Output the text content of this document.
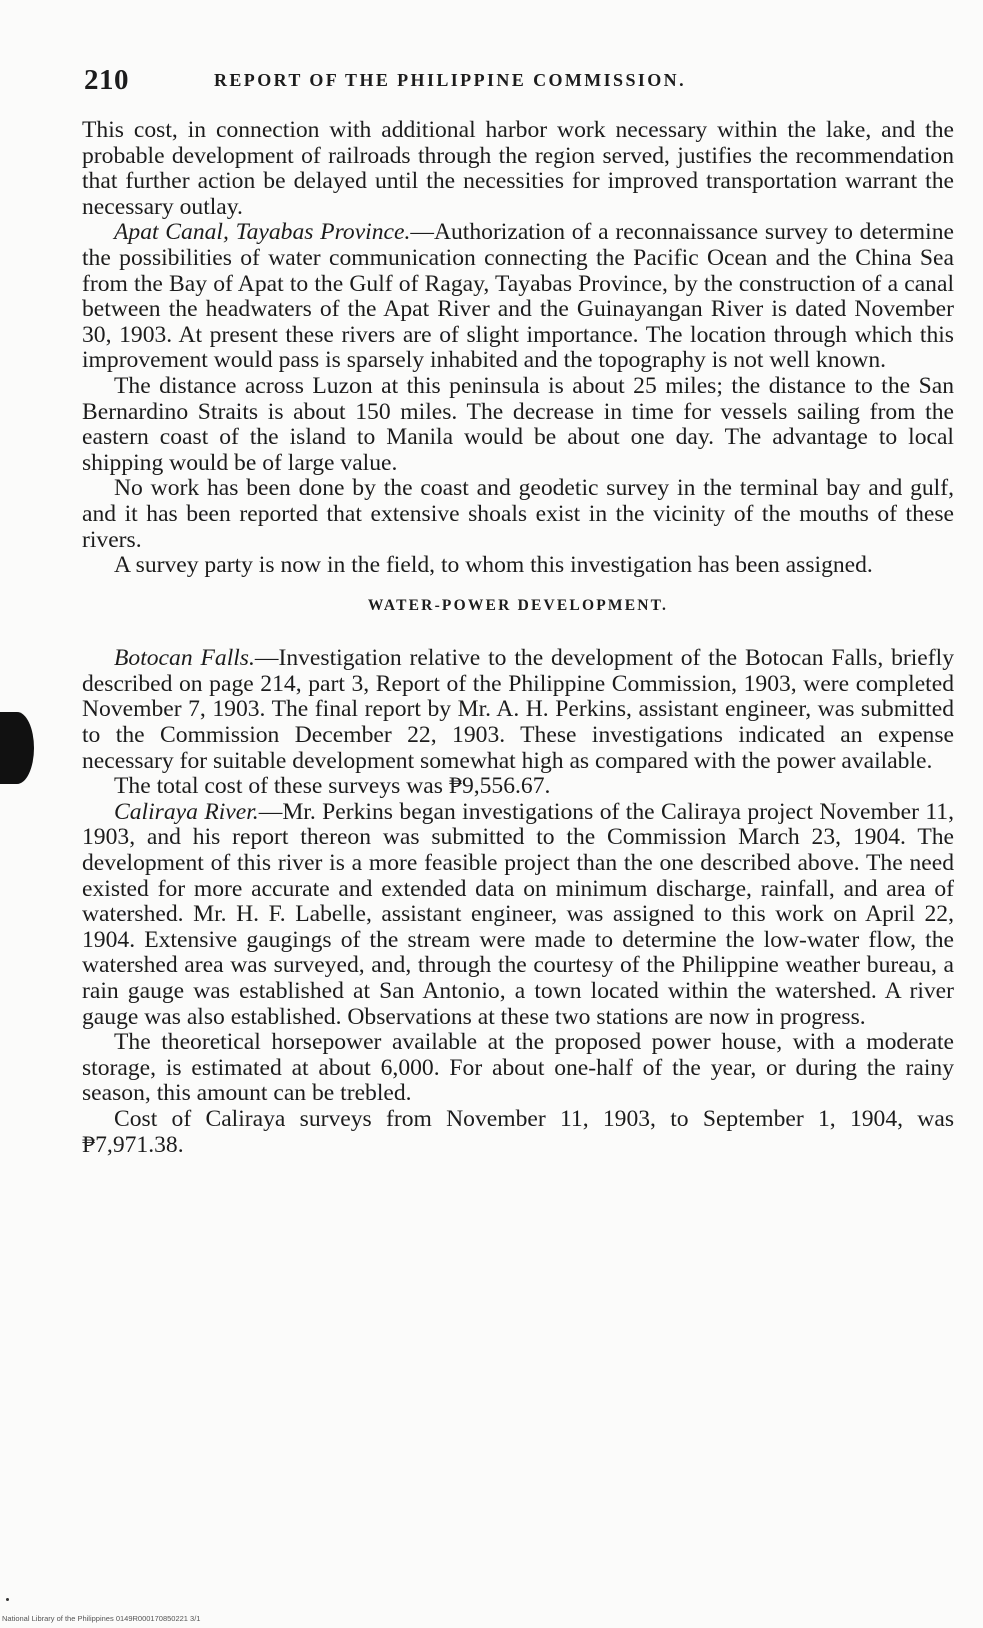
210	REPORT OF THE PHILIPPINE COMMISSION.

This cost, in connection with additional harbor work necessary within the lake, and the probable development of railroads through the region served, justifies the recommendation that further action be delayed until the necessities for improved transportation warrant the necessary outlay.

Apat Canal, Tayabas Province.—Authorization of a reconnaissance survey to determine the possibilities of water communication connecting the Pacific Ocean and the China Sea from the Bay of Apat to the Gulf of Ragay, Tayabas Province, by the construction of a canal between the headwaters of the Apat River and the Guinayangan River is dated November 30, 1903. At present these rivers are of slight importance. The location through which this improvement would pass is sparsely inhabited and the topography is not well known.

The distance across Luzon at this peninsula is about 25 miles; the distance to the San Bernardino Straits is about 150 miles. The decrease in time for vessels sailing from the eastern coast of the island to Manila would be about one day. The advantage to local shipping would be of large value.

No work has been done by the coast and geodetic survey in the terminal bay and gulf, and it has been reported that extensive shoals exist in the vicinity of the mouths of these rivers.

A survey party is now in the field, to whom this investigation has been assigned.

WATER-POWER DEVELOPMENT.

Botocan Falls.—Investigation relative to the development of the Botocan Falls, briefly described on page 214, part 3, Report of the Philippine Commission, 1903, were completed November 7, 1903. The final report by Mr. A. H. Perkins, assistant engineer, was submitted to the Commission December 22, 1903. These investigations indicated an expense necessary for suitable development somewhat high as compared with the power available.

The total cost of these surveys was ₱9,556.67.

Caliraya River.—Mr. Perkins began investigations of the Caliraya project November 11, 1903, and his report thereon was submitted to the Commission March 23, 1904. The development of this river is a more feasible project than the one described above. The need existed for more accurate and extended data on minimum discharge, rainfall, and area of watershed. Mr. H. F. Labelle, assistant engineer, was assigned to this work on April 22, 1904. Extensive gaugings of the stream were made to determine the low-water flow, the watershed area was surveyed, and, through the courtesy of the Philippine weather bureau, a rain gauge was established at San Antonio, a town located within the watershed. A river gauge was also established. Observations at these two stations are now in progress.

The theoretical horsepower available at the proposed power house, with a moderate storage, is estimated at about 6,000. For about one-half of the year, or during the rainy season, this amount can be trebled.

Cost of Caliraya surveys from November 11, 1903, to September 1, 1904, was ₱7,971.38.

National Library of the Philippines 0149R000170850221 3/1
